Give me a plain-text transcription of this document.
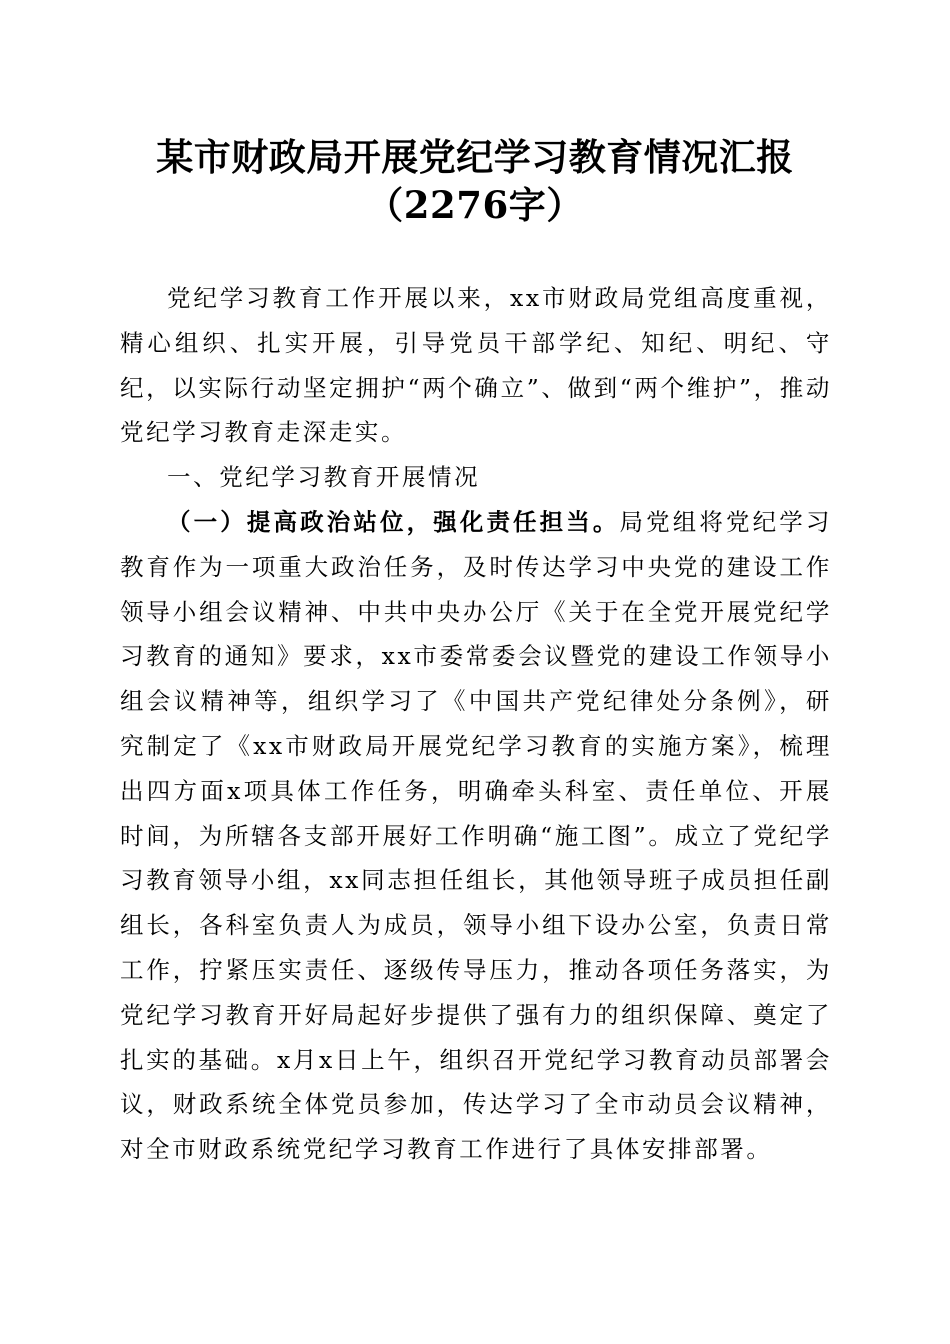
某市财政局开展党纪学习教育情况汇报（2276字）

党纪学习教育工作开展以来，xx市财政局党组高度重视，精心组织、扎实开展，引导党员干部学纪、知纪、明纪、守纪，以实际行动坚定拥护“两个确立”、做到“两个维护”，推动党纪学习教育走深走实。

一、党纪学习教育开展情况

（一）提高政治站位，强化责任担当。局党组将党纪学习教育作为一项重大政治任务，及时传达学习中央党的建设工作领导小组会议精神、中共中央办公厅《关于在全党开展党纪学习教育的通知》要求，xx市委常委会议暨党的建设工作领导小组会议精神等，组织学习了《中国共产党纪律处分条例》，研究制定了《xx市财政局开展党纪学习教育的实施方案》，梳理出四方面x项具体工作任务，明确牵头科室、责任单位、开展时间，为所辖各支部开展好工作明确“施工图”。成立了党纪学习教育领导小组，xx同志担任组长，其他领导班子成员担任副组长，各科室负责人为成员，领导小组下设办公室，负责日常工作，拧紧压实责任、逐级传导压力，推动各项任务落实，为党纪学习教育开好局起好步提供了强有力的组织保障、奠定了扎实的基础。x月x日上午，组织召开党纪学习教育动员部署会议，财政系统全体党员参加，传达学习了全市动员会议精神，对全市财政系统党纪学习教育工作进行了具体安排部署。
